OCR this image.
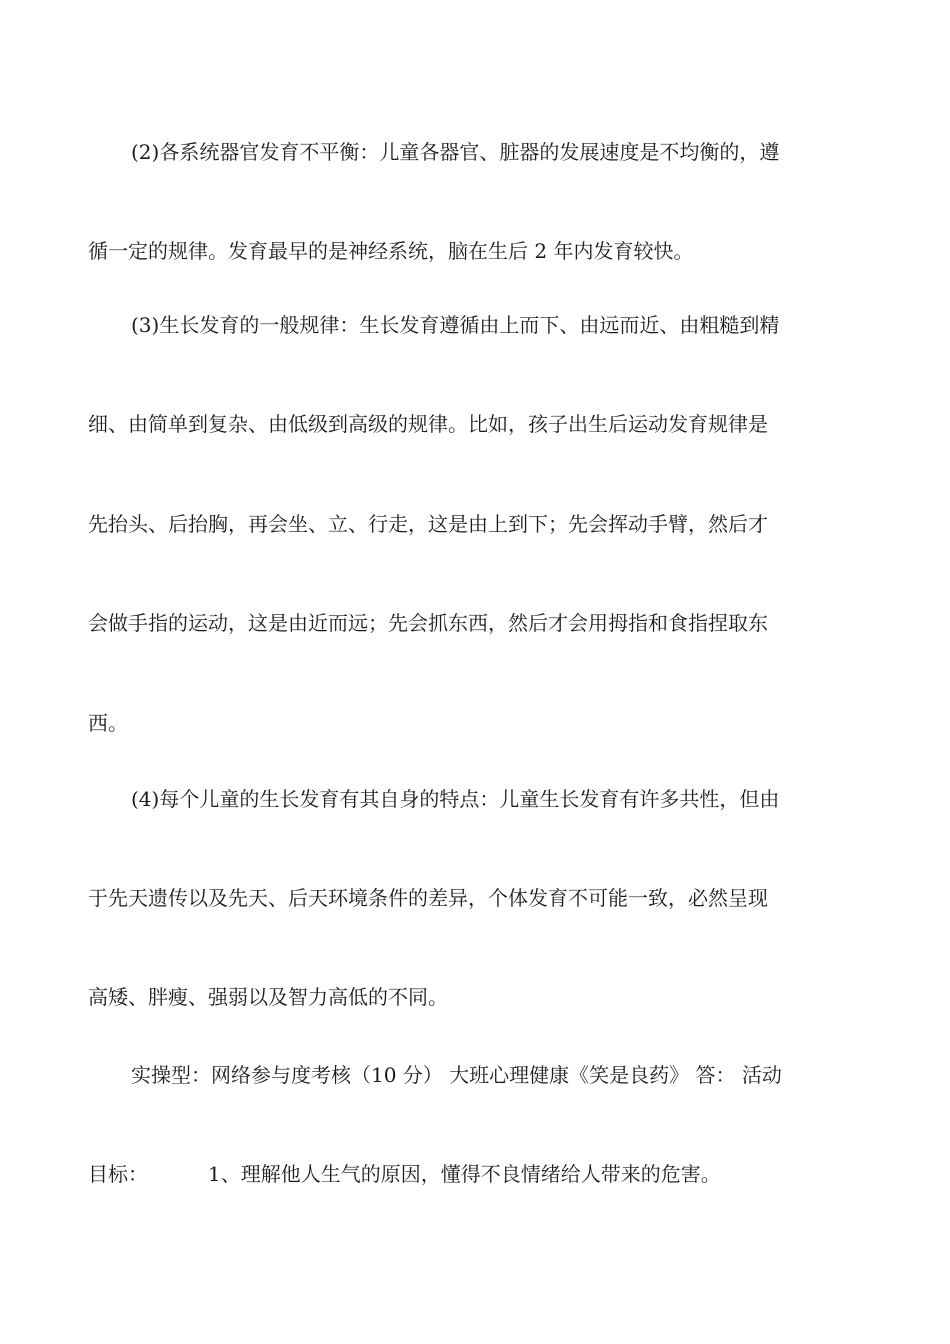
(2)各系统器官发育不平衡：儿童各器官、脏器的发展速度是不均衡的，遵
循一定的规律。发育最早的是神经系统，脑在生后 2 年内发育较快。
(3)生长发育的一般规律：生长发育遵循由上而下、由远而近、由粗糙到精
细、由简单到复杂、由低级到高级的规律。比如，孩子出生后运动发育规律是
先抬头、后抬胸，再会坐、立、行走，这是由上到下；先会挥动手臂，然后才
会做手指的运动，这是由近而远；先会抓东西，然后才会用拇指和食指捏取东
西。
(4)每个儿童的生长发育有其自身的特点：儿童生长发育有许多共性，但由
于先天遗传以及先天、后天环境条件的差异，个体发育不可能一致，必然呈现
高矮、胖瘦、强弱以及智力高低的不同。
实操型：网络参与度考核（10 分） 大班心理健康《笑是良药》 答： 活动
目标：	1、理解他人生气的原因，懂得不良情绪给人带来的危害。
